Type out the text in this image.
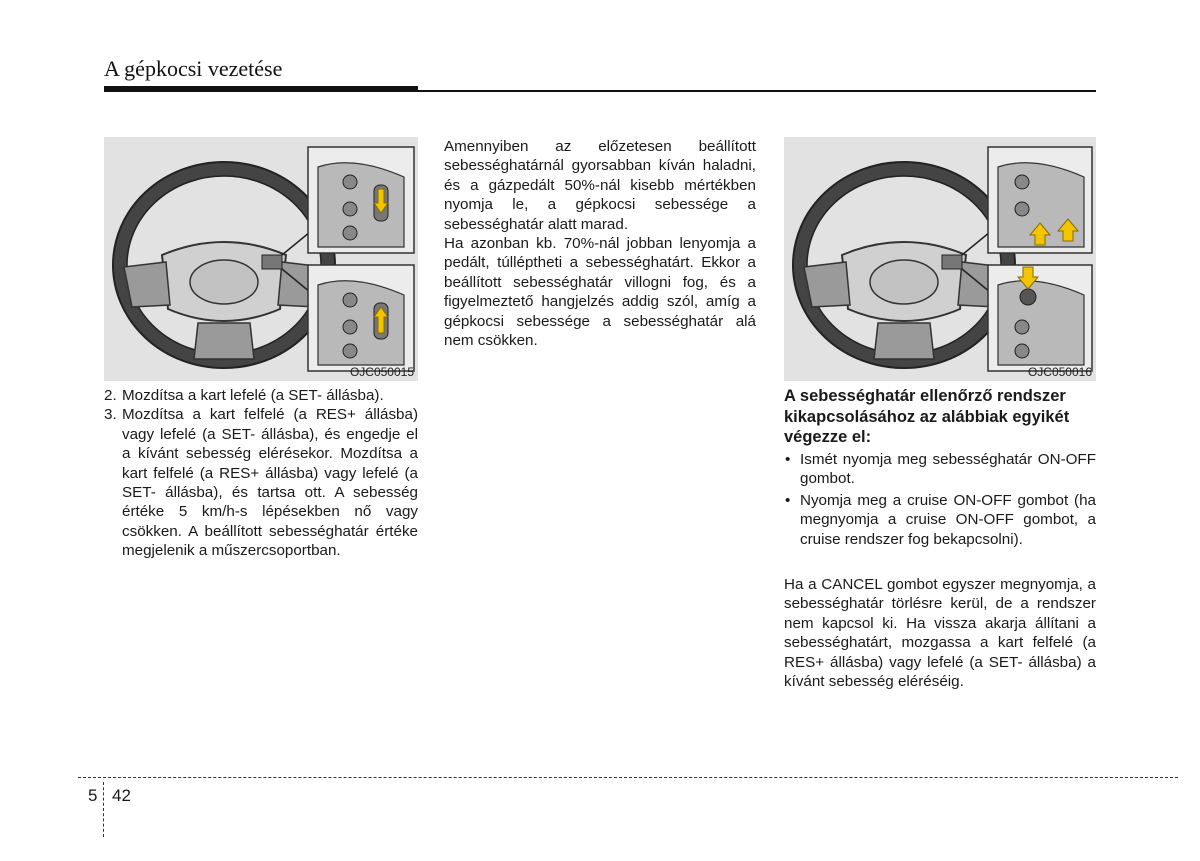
A gépkocsi vezetése
OJC050015	OJC050016
2. Mozdítsa a kart lefelé (a SET- állásba).
3. Mozdítsa a kart felfelé (a RES+ állásba) vagy lefelé (a SET- állásba), és engedje el a kívánt sebesség elérésekor. Mozdítsa a kart felfelé (a RES+ állásba) vagy lefelé (a SET- állásba), és tartsa ott. A sebesség értéke 5 km/h-s lépésekben nő vagy csökken. A beállított sebességhatár értéke megjelenik a műszercsoportban.

Amennyiben az előzetesen beállított sebességhatárnál gyorsabban kíván haladni, és a gázpedált 50%-nál kisebb mértékben nyomja le, a gépkocsi sebessége a sebességhatár alatt marad.

Ha azonban kb. 70%-nál jobban lenyomja a pedált, túlléptheti a sebességhatárt. Ekkor a beállított sebességhatár villogni fog, és a figyelmeztető hangjelzés addig szól, amíg a gépkocsi sebessége a sebességhatár alá nem csökken.

A sebességhatár ellenőrző rendszer kikapcsolásához az alábbiak egyikét végezze el:
• Ismét nyomja meg sebességhatár ON-OFF gombot.
• Nyomja meg a cruise ON-OFF gombot (ha megnyomja a cruise ON-OFF gombot, a cruise rendszer fog bekapcsolni).

Ha a CANCEL gombot egyszer megnyomja, a sebességhatár törlésre kerül, de a rendszer nem kapcsol ki. Ha vissza akarja állítani a sebességhatárt, mozgassa a kart felfelé (a RES+ állásba) vagy lefelé (a SET- állásba) a kívánt sebesség eléréséig.

5 42
